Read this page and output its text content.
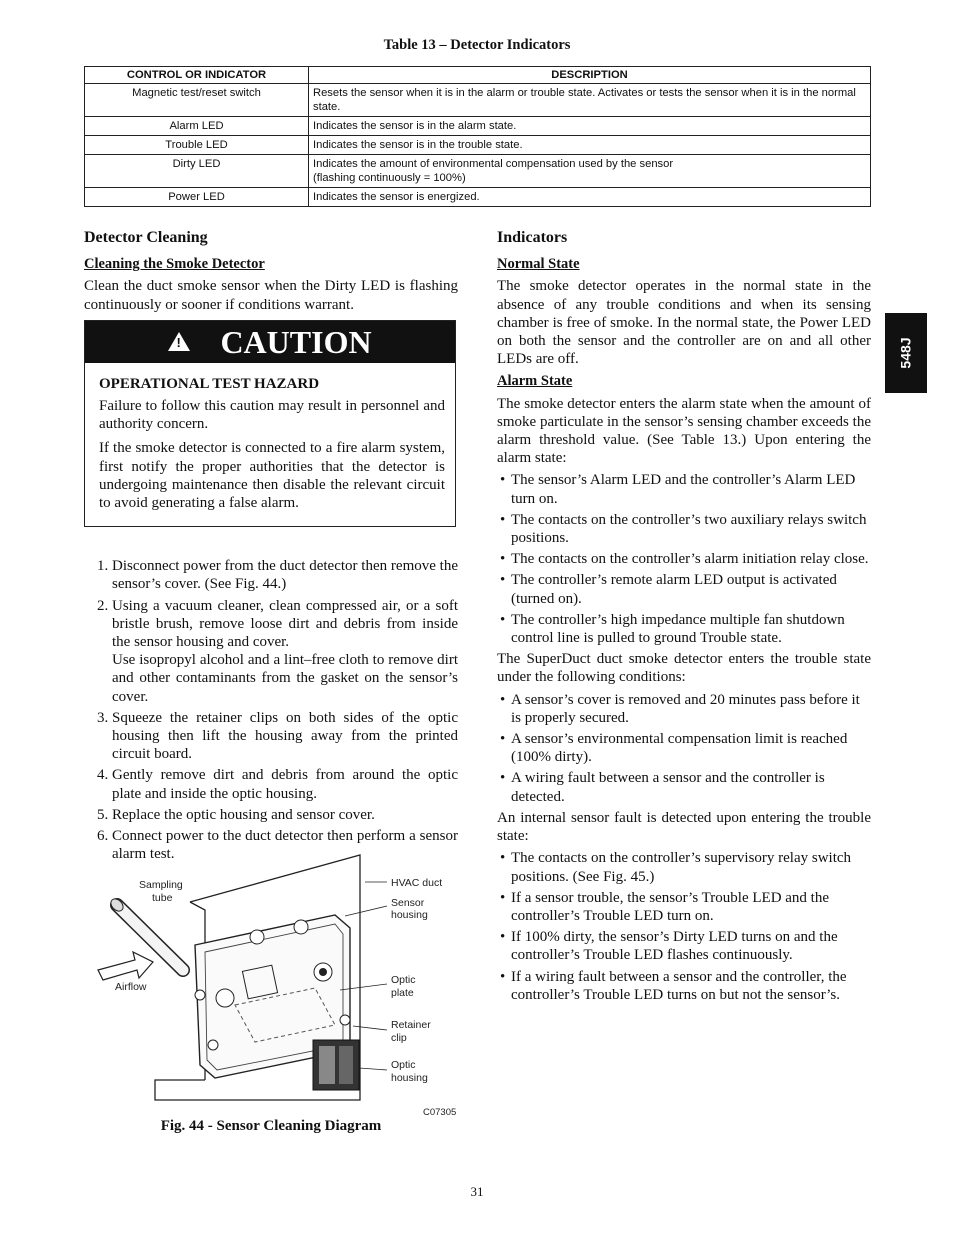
Table 13 – Detector Indicators
CONTROL OR INDICATOR	DESCRIPTION
Magnetic test/reset switch	Resets the sensor when it is in the alarm or trouble state. Activates or tests the sensor when it is in the normal state.
Alarm LED	Indicates the sensor is in the alarm state.
Trouble LED	Indicates the sensor is in the trouble state.
Dirty LED	Indicates the amount of environmental compensation used by the sensor
(flashing continuously = 100%)

Power LED	Indicates the sensor is energized.
Detector Cleaning
Cleaning the Smoke Detector

Clean the duct smoke sensor when the Dirty LED is flashing continuously or sooner if conditions warrant.

! CAUTION
OPERATIONAL TEST HAZARD

Failure to follow this caution may result in personnel and authority concern.

If the smoke detector is connected to a fire alarm system, first notify the proper authorities that the detector is undergoing maintenance then disable the relevant circuit to avoid generating a false alarm.

1. Disconnect power from the duct detector then remove the sensor’s cover. (See Fig. 44.)
2. Using a vacuum cleaner, clean compressed air, or a soft bristle brush, remove loose dirt and debris from inside the sensor housing and cover.
Use isopropyl alcohol and a lint–free cloth to remove dirt and other contaminants from the gasket on the sensor’s cover.
3. Squeeze the retainer clips on both sides of the optic housing then lift the housing away from the printed circuit board.
4. Gently remove dirt and debris from around the optic plate and inside the optic housing.
5. Replace the optic housing and sensor cover.
6. Connect power to the duct detector then perform a sensor alarm test.
Sampling
tube
Airflow
HVAC duct
Sensor
housing
Optic
plate
Retainer
clip
Optic
housing
C07305
Fig. 44 - Sensor Cleaning Diagram
Indicators
Normal State

The smoke detector operates in the normal state in the absence of any trouble conditions and when its sensing chamber is free of smoke. In the normal state, the Power LED on both the sensor and the controller are on and all other LEDs are off.

Alarm State

The smoke detector enters the alarm state when the amount of smoke particulate in the sensor’s sensing chamber exceeds the alarm threshold value. (See Table 13.) Upon entering the alarm state:

• The sensor’s Alarm LED and the controller’s Alarm LED turn on.
• The contacts on the controller’s two auxiliary relays switch positions.
• The contacts on the controller’s alarm initiation relay close.
• The controller’s remote alarm LED output is activated (turned on).
• The controller’s high impedance multiple fan shutdown control line is pulled to ground Trouble state.

The SuperDuct duct smoke detector enters the trouble state under the following conditions:

• A sensor’s cover is removed and 20 minutes pass before it is properly secured.
• A sensor’s environmental compensation limit is reached (100% dirty).
• A wiring fault between a sensor and the controller is detected.

An internal sensor fault is detected upon entering the trouble state:

• The contacts on the controller’s supervisory relay switch positions. (See Fig. 45.)
• If a sensor trouble, the sensor’s Trouble LED and the controller’s Trouble LED turn on.
• If 100% dirty, the sensor’s Dirty LED turns on and the controller’s Trouble LED flashes continuously.
• If a wiring fault between a sensor and the controller, the controller’s Trouble LED turns on but not the sensor’s.
548J
31
